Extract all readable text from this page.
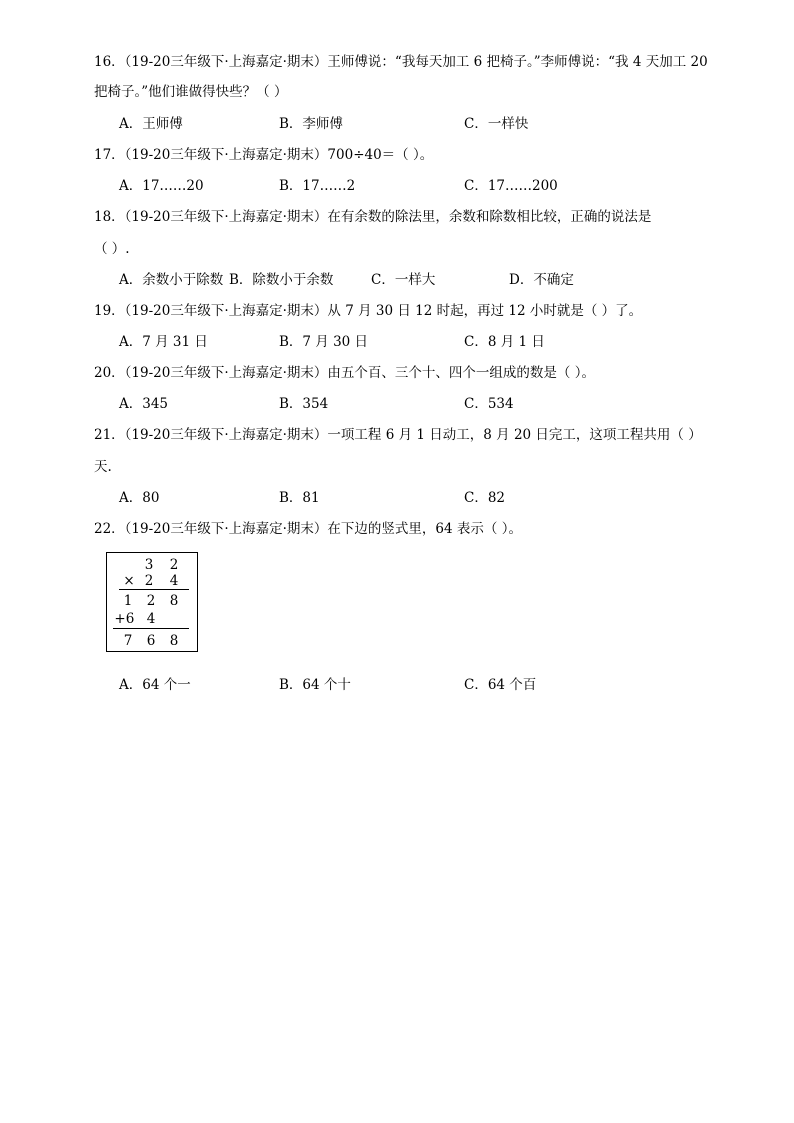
16．（19-20三年级下·上海嘉定·期末）王师傅说：“我每天加工 6 把椅子。”李师傅说：“我 4 天加工 20
把椅子。”他们谁做得快些？（ ）
A．王师傅	B．李师傅	C．一样快
17．（19-20三年级下·上海嘉定·期末）700÷40＝（ ）。
A．17……20	B．17……2	C．17……200
18．（19-20三年级下·上海嘉定·期末）在有余数的除法里，余数和除数相比较，正确的说法是
（ ）.
A．余数小于除数 B．除数小于余数	C．一样大	D．不确定
19．（19-20三年级下·上海嘉定·期末）从 7 月 30 日 12 时起，再过 12 小时就是（ ）了。
A．7 月 31 日	B．7 月 30 日	C．8 月 1 日
20．（19-20三年级下·上海嘉定·期末）由五个百、三个十、四个一组成的数是（ ）。
A．345	B．354	C．534
21．（19-20三年级下·上海嘉定·期末）一项工程 6 月 1 日动工，8 月 20 日完工，这项工程共用（ ）
天.
A．80	B．81	C．82
22．（19-20三年级下·上海嘉定·期末）在下边的竖式里，64 表示（ ）。
3 2
× 2 4
1 2 8
+ 6 4
7 6 8
A．64 个一	B．64 个十	C．64 个百
